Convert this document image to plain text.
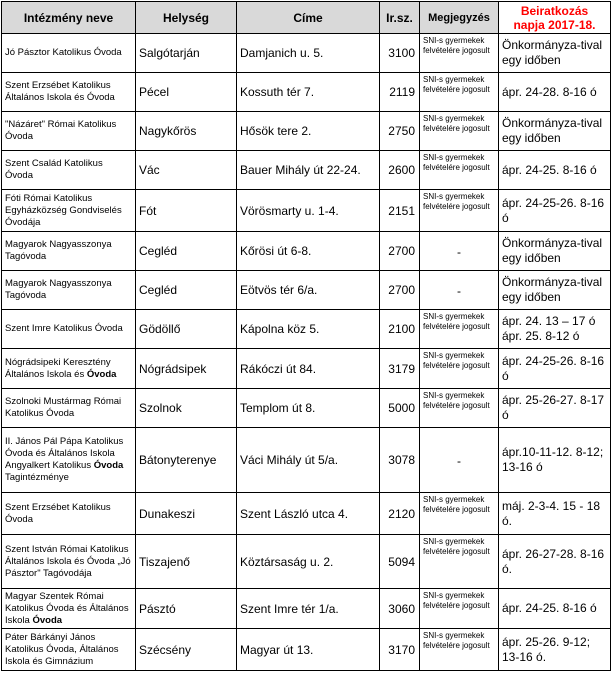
Intézmény neve	Helység	Címe	Ir.sz.	Megjegyzés	Beiratkozás
napja 2017-18.
Jó Pásztor Katolikus Óvoda	Salgótarján	Damjanich u. 5.	3100	SNI-s gyermekek felvételére jogosult	Önkormányza-tival egy időben
Szent Erzsébet Katolikus Általános Iskola és Óvoda	Pécel	Kossuth tér 7.	2119	SNI-s gyermekek felvételére jogosult	ápr. 24-28. 8-16 ó
"Názáret" Római Katolikus Óvoda	Nagykőrös	Hősök tere 2.	2750	SNI-s gyermekek felvételére jogosult	Önkormányza-tival egy időben
Szent Család Katolikus Óvoda	Vác	Bauer Mihály út 22-24.	2600	SNI-s gyermekek felvételére jogosult	ápr. 24-25. 8-16 ó
Fóti Római Katolikus Egyházközség Gondviselés Óvodája	Fót	Vörösmarty u. 1-4.	2151	SNI-s gyermekek felvételére jogosult	ápr. 24-25-26. 8-16 ó
Magyarok Nagyasszonya Tagóvoda	Cegléd	Kőrösi út 6-8.	2700	-	Önkormányza-tival egy időben
Magyarok Nagyasszonya Tagóvoda	Cegléd	Eötvös tér 6/a.	2700	-	Önkormányza-tival egy időben
Szent Imre Katolikus Óvoda	Gödöllő	Kápolna köz 5.	2100	SNI-s gyermekek felvételére jogosult	ápr. 24. 13 – 17 ó ápr. 25. 8-12 ó
Nógrádsipeki Keresztény Általános Iskola és Óvoda	Nógrádsipek	Rákóczi út 84.	3179	SNI-s gyermekek felvételére jogosult	ápr. 24-25-26. 8-16 ó
Szolnoki Mustármag Római Katolikus Óvoda	Szolnok	Templom út 8.	5000	SNI-s gyermekek felvételére jogosult	ápr. 25-26-27. 8-17 ó
II. János Pál Pápa Katolikus Óvoda és Általános Iskola Angyalkert Katolikus Óvoda Tagintézménye	Bátonyterenye	Váci Mihály út 5/a.	3078	-	ápr.10-11-12. 8-12; 13-16 ó
Szent Erzsébet Katolikus Óvoda	Dunakeszi	Szent László utca 4.	2120	SNI-s gyermekek felvételére jogosult	máj. 2-3-4. 15 - 18 ó.
Szent István Római Katolikus Általános Iskola és Óvoda „Jó Pásztor" Tagóvodája	Tiszajenő	Köztársaság u. 2.	5094	SNI-s gyermekek felvételére jogosult	ápr. 26-27-28. 8-16 ó.
Magyar Szentek Római Katolikus Óvoda és Általános Iskola Óvoda	Pásztó	Szent Imre tér 1/a.	3060	SNI-s gyermekek felvételére jogosult	ápr. 24-25. 8-16 ó
Páter Bárkányi János Katolikus Óvoda, Általános Iskola és Gimnázium	Szécsény	Magyar út 13.	3170	SNI-s gyermekek felvételére jogosult	ápr. 25-26. 9-12; 13-16 ó.
